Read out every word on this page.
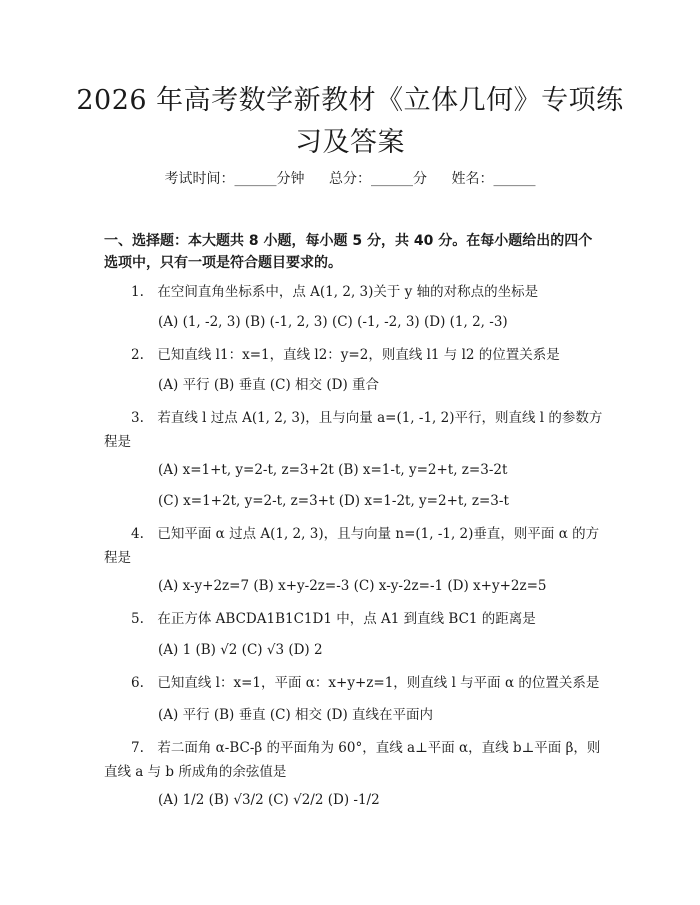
2026 年高考数学新教材《立体几何》专项练
习及答案
考试时间：______分钟 总分：______分 姓名：______
一、选择题：本大题共 8 小题，每小题 5 分，共 40 分。在每小题给出的四个选项中，只有一项是符合题目要求的。
1.　在空间直角坐标系中，点 A(1, 2, 3)关于 y 轴的对称点的坐标是
(A) (1, -2, 3) (B) (-1, 2, 3) (C) (-1, -2, 3) (D) (1, 2, -3)
2.　已知直线 l1：x=1，直线 l2：y=2，则直线 l1 与 l2 的位置关系是
(A) 平行 (B) 垂直 (C) 相交 (D) 重合
3.　若直线 l 过点 A(1, 2, 3)，且与向量 a=(1, -1, 2)平行，则直线 l 的参数方程是
(A) x=1+t, y=2-t, z=3+2t (B) x=1-t, y=2+t, z=3-2t
(C) x=1+2t, y=2-t, z=3+t (D) x=1-2t, y=2+t, z=3-t
4.　已知平面 α 过点 A(1, 2, 3)，且与向量 n=(1, -1, 2)垂直，则平面 α 的方程是
(A) x-y+2z=7 (B) x+y-2z=-3 (C) x-y-2z=-1 (D) x+y+2z=5
5.　在正方体 ABCDA1B1C1D1 中，点 A1 到直线 BC1 的距离是
(A) 1 (B) √2 (C) √3 (D) 2
6.　已知直线 l：x=1，平面 α：x+y+z=1，则直线 l 与平面 α 的位置关系是
(A) 平行 (B) 垂直 (C) 相交 (D) 直线在平面内
7.　若二面角 α-BC-β 的平面角为 60°，直线 a⊥平面 α，直线 b⊥平面 β，则直线 a 与 b 所成角的余弦值是
(A) 1/2 (B) √3/2 (C) √2/2 (D) -1/2
